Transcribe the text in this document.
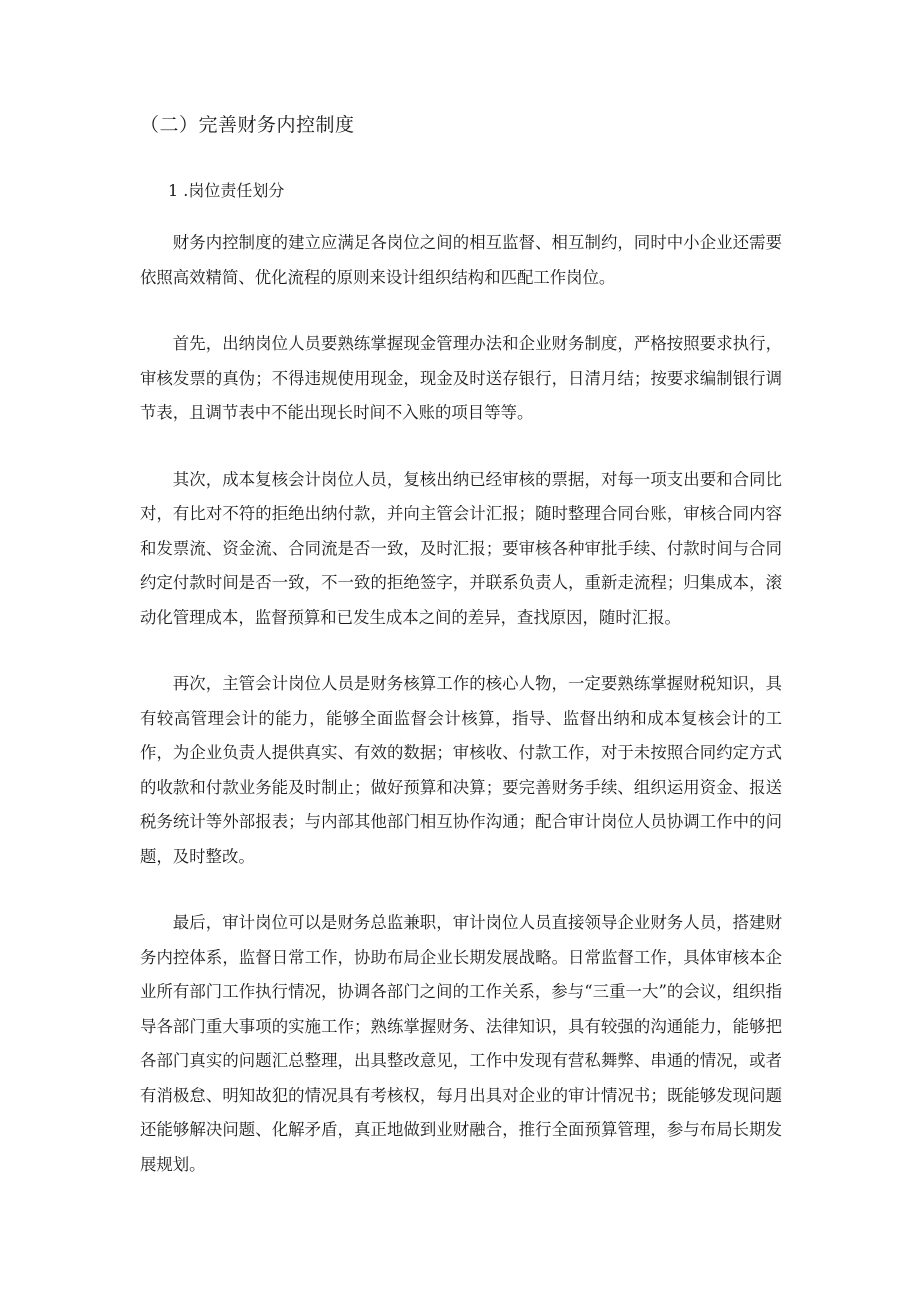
（二）完善财务内控制度
1 .岗位责任划分

财务内控制度的建立应满足各岗位之间的相互监督、相互制约，同时中小企业还需要依照高效精简、优化流程的原则来设计组织结构和匹配工作岗位。

首先，出纳岗位人员要熟练掌握现金管理办法和企业财务制度，严格按照要求执行，审核发票的真伪；不得违规使用现金，现金及时送存银行，日清月结；按要求编制银行调节表，且调节表中不能出现长时间不入账的项目等等。

其次，成本复核会计岗位人员，复核出纳已经审核的票据，对每一项支出要和合同比对，有比对不符的拒绝出纳付款，并向主管会计汇报；随时整理合同台账，审核合同内容和发票流、资金流、合同流是否一致，及时汇报；要审核各种审批手续、付款时间与合同约定付款时间是否一致，不一致的拒绝签字，并联系负责人，重新走流程；归集成本，滚动化管理成本，监督预算和已发生成本之间的差异，查找原因，随时汇报。

再次，主管会计岗位人员是财务核算工作的核心人物，一定要熟练掌握财税知识，具有较高管理会计的能力，能够全面监督会计核算，指导、监督出纳和成本复核会计的工作，为企业负责人提供真实、有效的数据；审核收、付款工作，对于未按照合同约定方式的收款和付款业务能及时制止；做好预算和决算；要完善财务手续、组织运用资金、报送税务统计等外部报表；与内部其他部门相互协作沟通；配合审计岗位人员协调工作中的问题，及时整改。

最后，审计岗位可以是财务总监兼职，审计岗位人员直接领导企业财务人员，搭建财务内控体系，监督日常工作，协助布局企业长期发展战略。日常监督工作，具体审核本企业所有部门工作执行情况，协调各部门之间的工作关系，参与“三重一大”的会议，组织指导各部门重大事项的实施工作；熟练掌握财务、法律知识，具有较强的沟通能力，能够把各部门真实的问题汇总整理，出具整改意见，工作中发现有营私舞弊、串通的情况，或者有消极怠、明知故犯的情况具有考核权，每月出具对企业的审计情况书；既能够发现问题还能够解决问题、化解矛盾，真正地做到业财融合，推行全面预算管理，参与布局长期发展规划。
